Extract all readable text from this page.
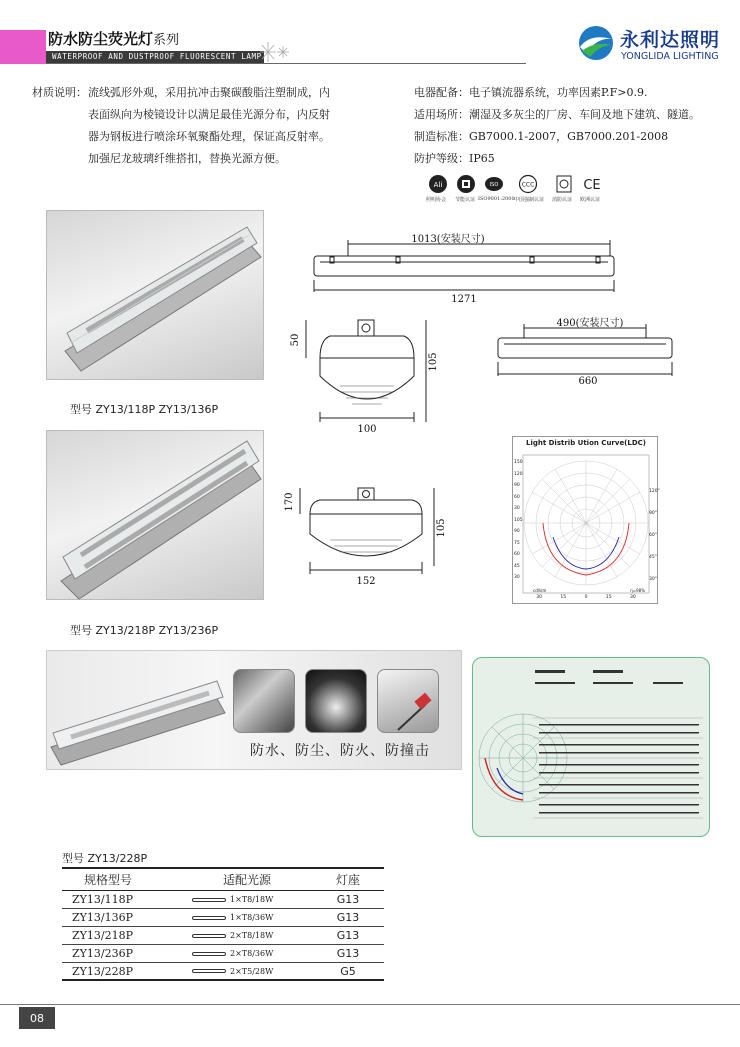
防水防尘荧光灯系列
WATERPROOF AND DUSTPROOF FLUORESCENT LAMP SERIES
永利达照明
YONGLIDA LIGHTING
材质说明： 流线弧形外观，采用抗冲击聚碳酸脂注塑制成，内
表面纵向为棱镜设计以满足最佳光源分布，内反射
器为钢板进行喷涂环氧聚酯处理，保证高反射率。
加强尼龙玻璃纤维搭扣，替换光源方便。
电器配备：电子镇流器系统，功率因素P.F>0.9.
适用场所：潮湿及多灰尘的厂房、车间及地下建筑、隧道。
制造标准：GB7000.1-2007，GB7000.201-2008
防护等级：IP65
Ali	ISO	CCC	CE
照明协会 节能认证 ISO9001:2000 中国强制认证 消防认证 欧洲认证
型号 ZY13/118P ZY13/136P
型号 ZY13/218P ZY13/236P
1013(安装尺寸)
1271
490(安装尺寸)
660
50
105
100
170
105
152
Light Distrib Ution Curve(LDC)
150
120
90
60
30
105
90
75
60
45
30
120°
90°
60°
45°
30°
30	15	0	15	30
cd/klm	η=98%
防水、防尘、防火、防撞击
型号 ZY13/228P
规格型号	适配光源	灯座
ZY13/118P	1×T8/18W	G13
ZY13/136P	1×T8/36W	G13
ZY13/218P	2×T8/18W	G13
ZY13/236P	2×T8/36W	G13
ZY13/228P	2×T5/28W	G5
08
